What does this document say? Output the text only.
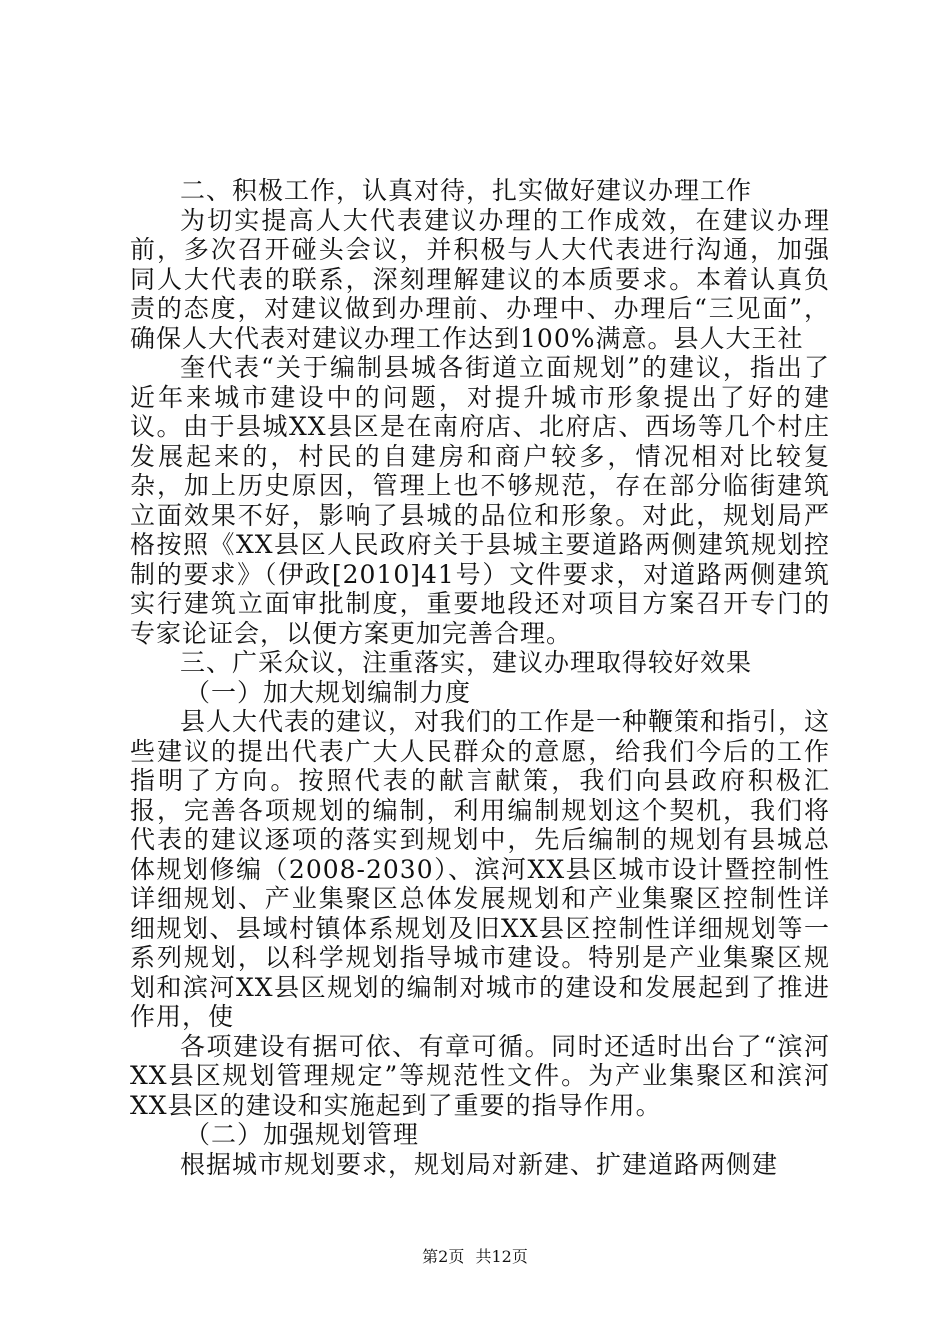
二、积极工作，认真对待，扎实做好建议办理工作

为切实提高人大代表建议办理的工作成效，在建议办理前，多次召开碰头会议，并积极与人大代表进行沟通，加强同人大代表的联系，深刻理解建议的本质要求。本着认真负责的态度，对建议做到办理前、办理中、办理后“三见面”，确保人大代表对建议办理工作达到100%满意。县人大王社

奎代表“关于编制县城各街道立面规划”的建议，指出了近年来城市建设中的问题，对提升城市形象提出了好的建议。由于县城XX县区是在南府店、北府店、西场等几个村庄发展起来的，村民的自建房和商户较多，情况相对比较复杂，加上历史原因，管理上也不够规范，存在部分临街建筑立面效果不好，影响了县城的品位和形象。对此，规划局严格按照《XX县区人民政府关于县城主要道路两侧建筑规划控制的要求》（伊政[2010]41号）文件要求，对道路两侧建筑实行建筑立面审批制度，重要地段还对项目方案召开专门的专家论证会，以便方案更加完善合理。

三、广采众议，注重落实，建议办理取得较好效果

（一）加大规划编制力度

县人大代表的建议，对我们的工作是一种鞭策和指引，这些建议的提出代表广大人民群众的意愿，给我们今后的工作指明了方向。按照代表的献言献策，我们向县政府积极汇报，完善各项规划的编制，利用编制规划这个契机，我们将代表的建议逐项的落实到规划中，先后编制的规划有县城总体规划修编（2008-2030）、滨河XX县区城市设计暨控制性详细规划、产业集聚区总体发展规划和产业集聚区控制性详细规划、县域村镇体系规划及旧XX县区控制性详细规划等一系列规划，以科学规划指导城市建设。特别是产业集聚区规划和滨河XX县区规划的编制对城市的建设和发展起到了推进作用，使

各项建设有据可依、有章可循。同时还适时出台了“滨河XX县区规划管理规定”等规范性文件。为产业集聚区和滨河XX县区的建设和实施起到了重要的指导作用。

（二）加强规划管理

根据城市规划要求，规划局对新建、扩建道路两侧建

第2页 共12页
